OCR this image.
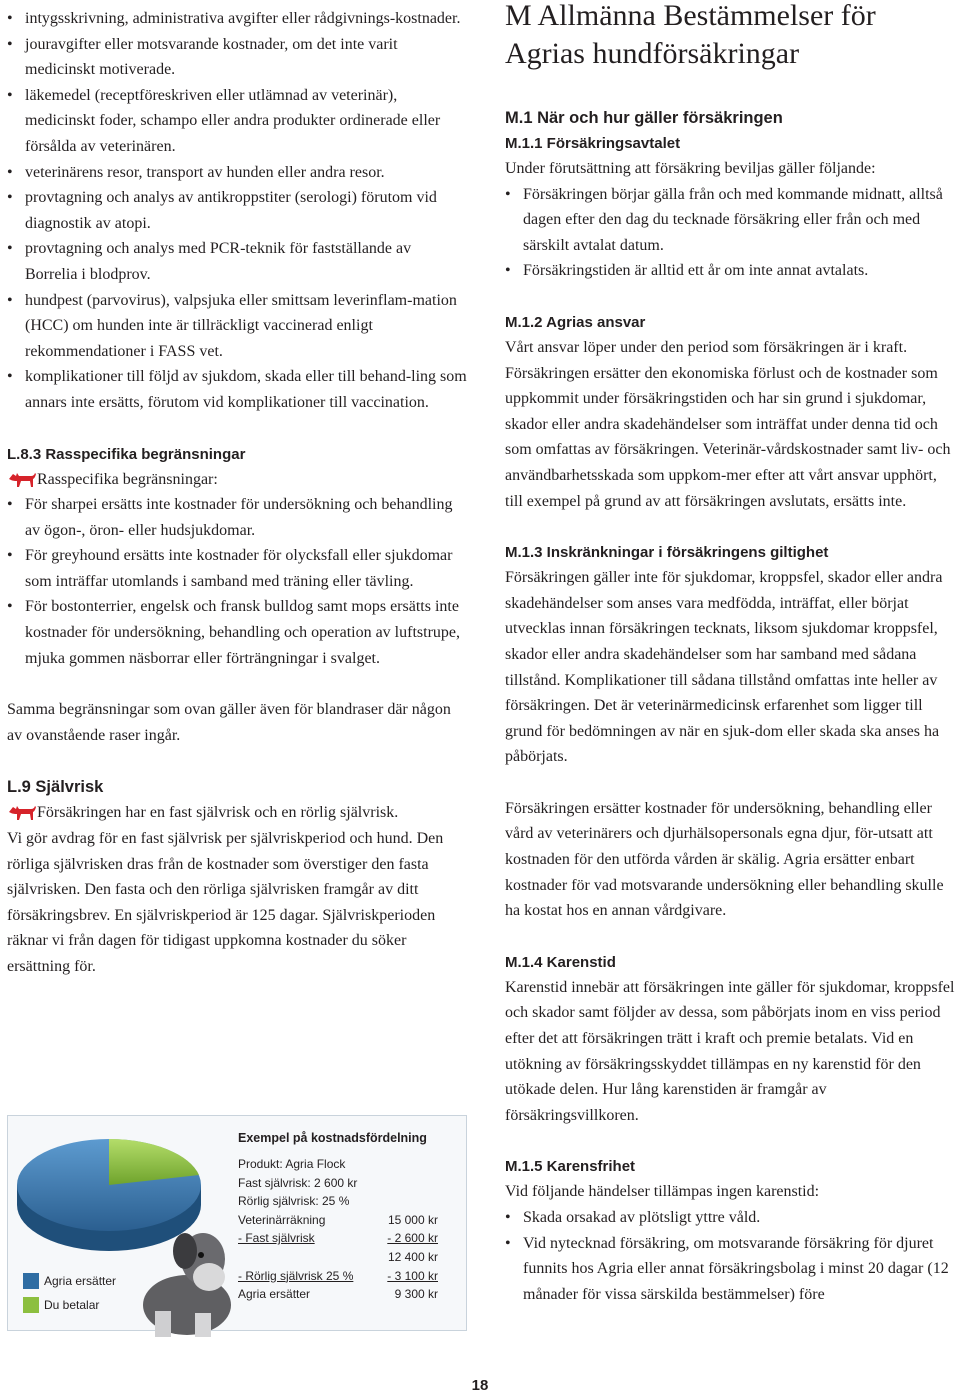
• intygsskrivning, administrativa avgifter eller rådgivnings-kostnader.
• jouravgifter eller motsvarande kostnader, om det inte varit medicinskt motiverade.
• läkemedel (receptföreskriven eller utlämnad av veterinär), medicinskt foder, schampo eller andra produkter ordinerade eller försålda av veterinären.
• veterinärens resor, transport av hunden eller andra resor.
• provtagning och analys av antikroppstiter (serologi) förutom vid diagnostik av atopi.
• provtagning och analys med PCR-teknik för fastställande av Borrelia i blodprov.
• hundpest (parvovirus), valpsjuka eller smittsam leverinflam-mation (HCC) om hunden inte är tillräckligt vaccinerad enligt rekommendationer i FASS vet.
• komplikationer till följd av sjukdom, skada eller till behand-ling som annars inte ersätts, förutom vid komplikationer till vaccination.
L.8.3 Rasspecifika begränsningar
Rasspecifika begränsningar:
• För sharpei ersätts inte kostnader för undersökning och behandling av ögon-, öron- eller hudsjukdomar.
• För greyhound ersätts inte kostnader för olycksfall eller sjukdomar som inträffar utomlands i samband med träning eller tävling.
• För bostonterrier, engelsk och fransk bulldog samt mops ersätts inte kostnader för undersökning, behandling och operation av luftstrupe, mjuka gommen näsborrar eller förträngningar i svalget.

Samma begränsningar som ovan gäller även för blandraser där någon av ovanstående raser ingår.

L.9 Självrisk
Försäkringen har en fast självrisk och en rörlig självrisk.

Vi gör avdrag för en fast självrisk per självriskperiod och hund. Den rörliga självrisken dras från de kostnader som överstiger den fasta självrisken. Den fasta och den rörliga självrisken framgår av ditt försäkringsbrev. En självriskperiod är 125 dagar. Självriskperioden räknar vi från dagen för tidigast uppkomna kostnader du söker ersättning för.

Agria ersätter
Du betalar
Exempel på kostnadsfördelning
Produkt: Agria Flock
Fast självrisk: 2 600 kr
Rörlig självrisk: 25 %
Veterinärräkning	15 000 kr
- Fast självrisk	- 2 600 kr
12 400 kr
- Rörlig självrisk 25 %	- 3 100 kr
Agria ersätter	9 300 kr
M Allmänna Bestämmelser för Agrias hundförsäkringar
M.1 När och hur gäller försäkringen
M.1.1 Försäkringsavtalet

Under förutsättning att försäkring beviljas gäller följande:

• Försäkringen börjar gälla från och med kommande midnatt, alltså dagen efter den dag du tecknade försäkring eller från och med särskilt avtalat datum.
• Försäkringstiden är alltid ett år om inte annat avtalats.
M.1.2 Agrias ansvar

Vårt ansvar löper under den period som försäkringen är i kraft. Försäkringen ersätter den ekonomiska förlust och de kostnader som uppkommit under försäkringstiden och har sin grund i sjukdomar, skador eller andra skadehändelser som inträffat under denna tid och som omfattas av försäkringen. Veterinär-vårdskostnader samt liv- och användbarhetsskada som uppkom-mer efter att vårt ansvar upphört, till exempel på grund av att försäkringen avslutats, ersätts inte.

M.1.3 Inskränkningar i försäkringens giltighet

Försäkringen gäller inte för sjukdomar, kroppsfel, skador eller andra skadehändelser som anses vara medfödda, inträffat, eller börjat utvecklas innan försäkringen tecknats, liksom sjukdomar kroppsfel, skador eller andra skadehändelser som har samband med sådana tillstånd. Komplikationer till sådana tillstånd omfattas inte heller av försäkringen. Det är veterinärmedicinsk erfarenhet som ligger till grund för bedömningen av när en sjuk-dom eller skada ska anses ha påbörjats.

Försäkringen ersätter kostnader för undersökning, behandling eller vård av veterinärers och djurhälsopersonals egna djur, för-utsatt att kostnaden för den utförda vården är skälig. Agria ersätter enbart kostnader för vad motsvarande undersökning eller behandling skulle ha kostat hos en annan vårdgivare.

M.1.4 Karenstid

Karenstid innebär att försäkringen inte gäller för sjukdomar, kroppsfel och skador samt följder av dessa, som påbörjats inom en viss period efter det att försäkringen trätt i kraft och premie betalats. Vid en utökning av försäkringsskyddet tillämpas en ny karenstid för den utökade delen. Hur lång karenstiden är framgår av försäkringsvillkoren.

M.1.5 Karensfrihet

Vid följande händelser tillämpas ingen karenstid:

• Skada orsakad av plötsligt yttre våld.
• Vid nytecknad försäkring, om motsvarande försäkring för djuret funnits hos Agria eller annat försäkringsbolag i minst 20 dagar (12 månader för vissa särskilda bestämmelser) före
18
